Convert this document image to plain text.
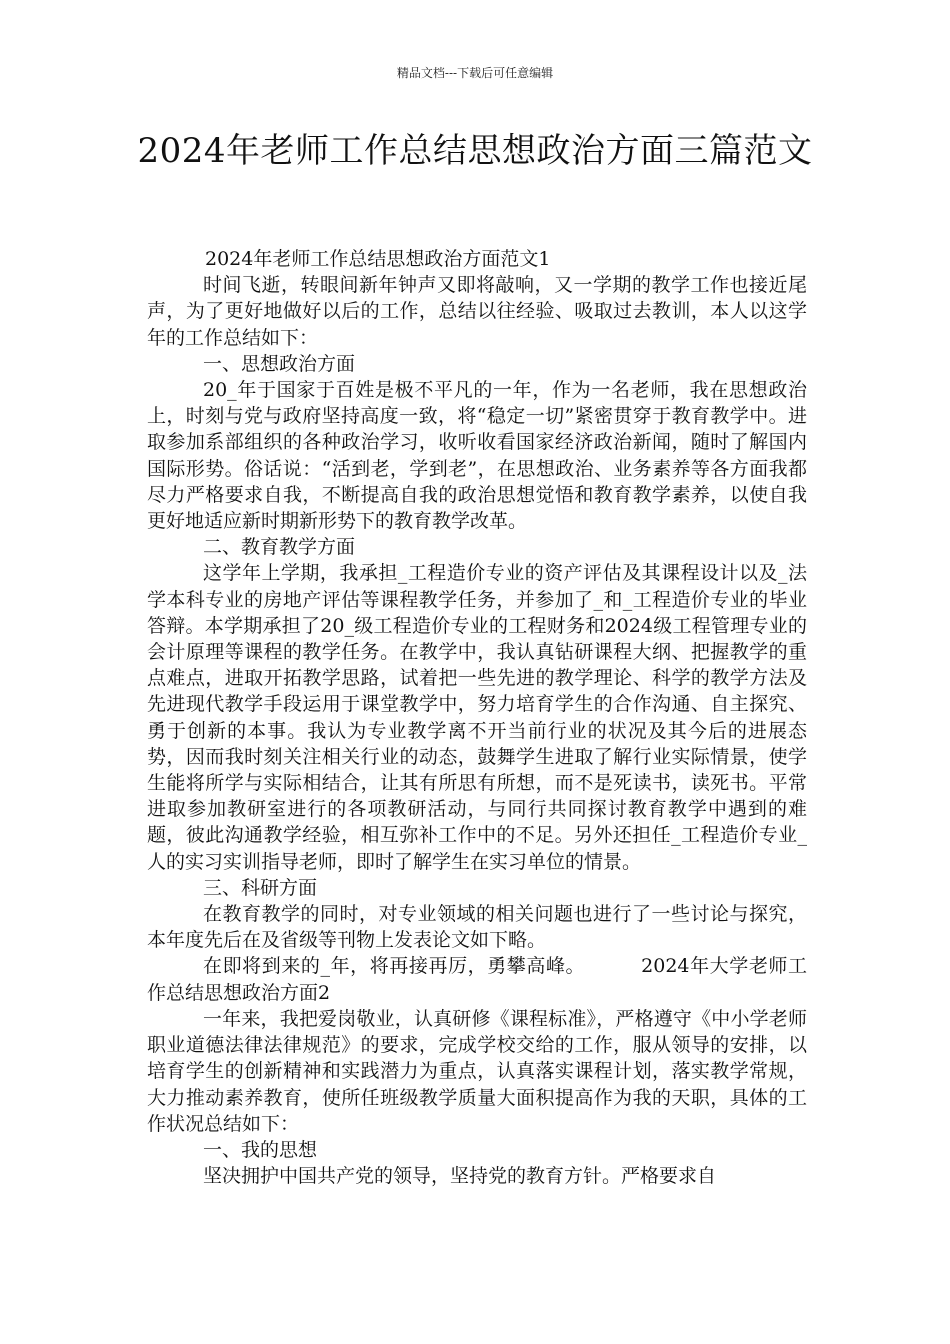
精品文档---下载后可任意编辑
2024年老师工作总结思想政治方面三篇范文

2024年老师工作总结思想政治方面范文1

时间飞逝，转眼间新年钟声又即将敲响，又一学期的教学工作也接近尾声，为了更好地做好以后的工作，总结以往经验、吸取过去教训，本人以这学年的工作总结如下：

一、思想政治方面

20_年于国家于百姓是极不平凡的一年，作为一名老师，我在思想政治上，时刻与党与政府坚持高度一致，将“稳定一切”紧密贯穿于教育教学中。进取参加系部组织的各种政治学习，收听收看国家经济政治新闻，随时了解国内国际形势。俗话说：“活到老，学到老”，在思想政治、业务素养等各方面我都尽力严格要求自我，不断提高自我的政治思想觉悟和教育教学素养，以使自我更好地适应新时期新形势下的教育教学改革。

二、教育教学方面

这学年上学期，我承担_工程造价专业的资产评估及其课程设计以及_法学本科专业的房地产评估等课程教学任务，并参加了_和_工程造价专业的毕业答辩。本学期承担了20_级工程造价专业的工程财务和2024级工程管理专业的会计原理等课程的教学任务。在教学中，我认真钻研课程大纲、把握教学的重点难点，进取开拓教学思路，试着把一些先进的教学理论、科学的教学方法及先进现代教学手段运用于课堂教学中，努力培育学生的合作沟通、自主探究、勇于创新的本事。我认为专业教学离不开当前行业的状况及其今后的进展态势，因而我时刻关注相关行业的动态，鼓舞学生进取了解行业实际情景，使学生能将所学与实际相结合，让其有所思有所想，而不是死读书，读死书。平常进取参加教研室进行的各项教研活动，与同行共同探讨教育教学中遇到的难题，彼此沟通教学经验，相互弥补工作中的不足。另外还担任_工程造价专业_人的实习实训指导老师，即时了解学生在实习单位的情景。

三、科研方面

在教育教学的同时，对专业领域的相关问题也进行了一些讨论与探究，本年度先后在及省级等刊物上发表论文如下略。

在即将到来的_年，将再接再厉，勇攀高峰。	2024年大学老师工作总结思想政治方面2

一年来，我把爱岗敬业，认真研修《课程标准》，严格遵守《中小学老师职业道德法律法律规范》的要求，完成学校交给的工作，服从领导的安排，以培育学生的创新精神和实践潜力为重点，认真落实课程计划，落实教学常规，大力推动素养教育，使所任班级教学质量大面积提高作为我的天职，具体的工作状况总结如下：

一、我的思想

坚决拥护中国共产党的领导，坚持党的教育方针。严格要求自
